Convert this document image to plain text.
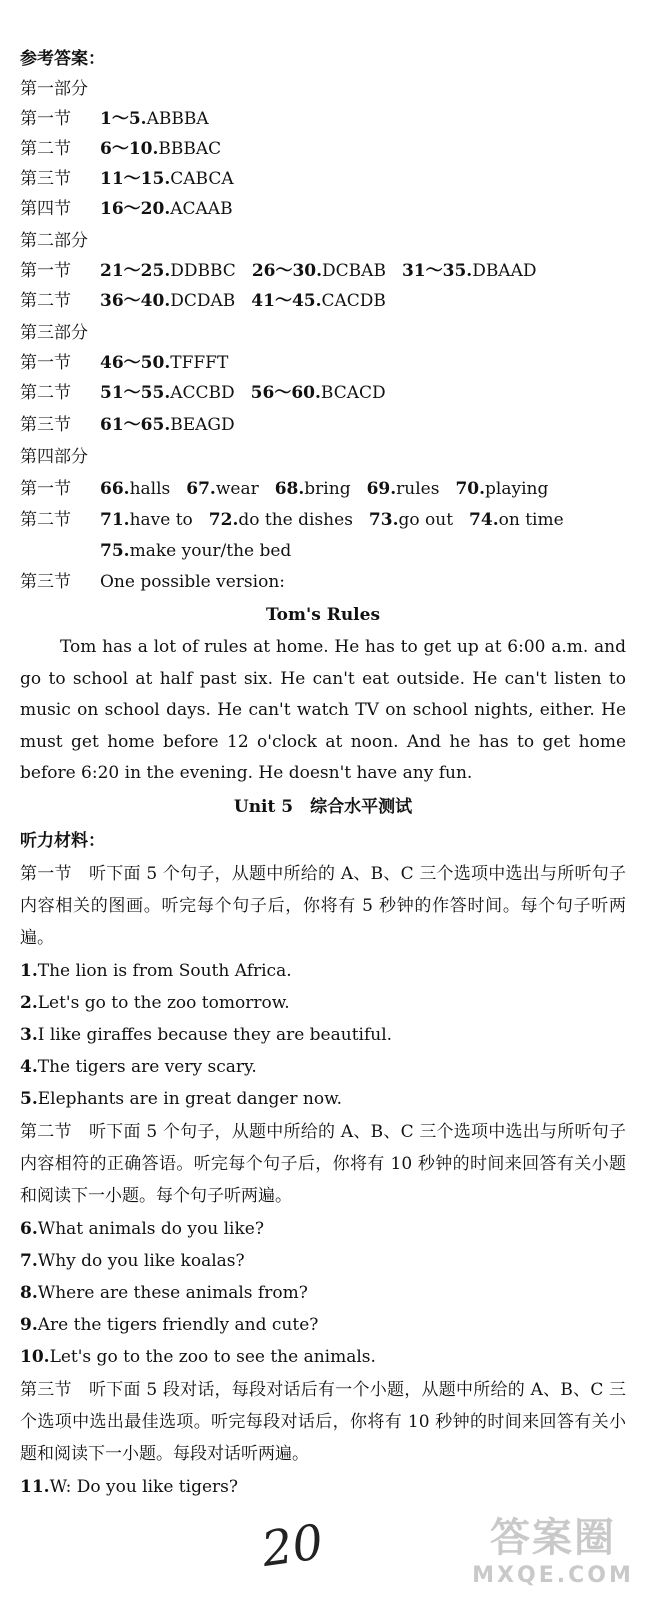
参考答案：
第一部分
第一节 1～5.ABBBA
第二节 6～10.BBBAC
第三节 11～15.CABCA
第四节 16～20.ACAAB
第二部分
第一节 21～25.DDBBC 26～30.DCBAB 31～35.DBAAD
第二节 36～40.DCDAB 41～45.CACDB
第三部分
第一节 46～50.TFFFT
第二节 51～55.ACCBD 56～60.BCACD
第三节 61～65.BEAGD
第四部分
第一节 66.halls 67.wear 68.bring 69.rules 70.playing
第二节 71.have to 72.do the dishes 73.go out 74.on time
75.make your/the bed
第三节 One possible version:
Tom's Rules
Tom has a lot of rules at home. He has to get up at 6:00 a.m. and go to school at half past six. He can't eat outside. He can't listen to music on school days. He can't watch TV on school nights, either. He must get home before 12 o'clock at noon. And he has to get home before 6:20 in the evening. He doesn't have any fun.
Unit 5　综合水平测试
听力材料：
第一节　 听下面 5 个句子，从题中所给的 A、B、C 三个选项中选出与所听句子内容相关的图画。听完每个句子后，你将有 5 秒钟的作答时间。每个句子听两遍。
1.The lion is from South Africa.
2.Let's go to the zoo tomorrow.
3.I like giraffes because they are beautiful.
4.The tigers are very scary.
5.Elephants are in great danger now.
第二节　 听下面 5 个句子，从题中所给的 A、B、C 三个选项中选出与所听句子内容相符的正确答语。听完每个句子后，你将有 10 秒钟的时间来回答有关小题和阅读下一小题。每个句子听两遍。
6.What animals do you like?
7.Why do you like koalas?
8.Where are these animals from?
9.Are the tigers friendly and cute?
10.Let's go to the zoo to see the animals.
第三节　 听下面 5 段对话，每段对话后有一个小题，从题中所给的 A、B、C 三个选项中选出最佳选项。听完每段对话后，你将有 10 秒钟的时间来回答有关小题和阅读下一小题。每段对话听两遍。
11.W: Do you like tigers?
20	答案圈
MXQE.COM
